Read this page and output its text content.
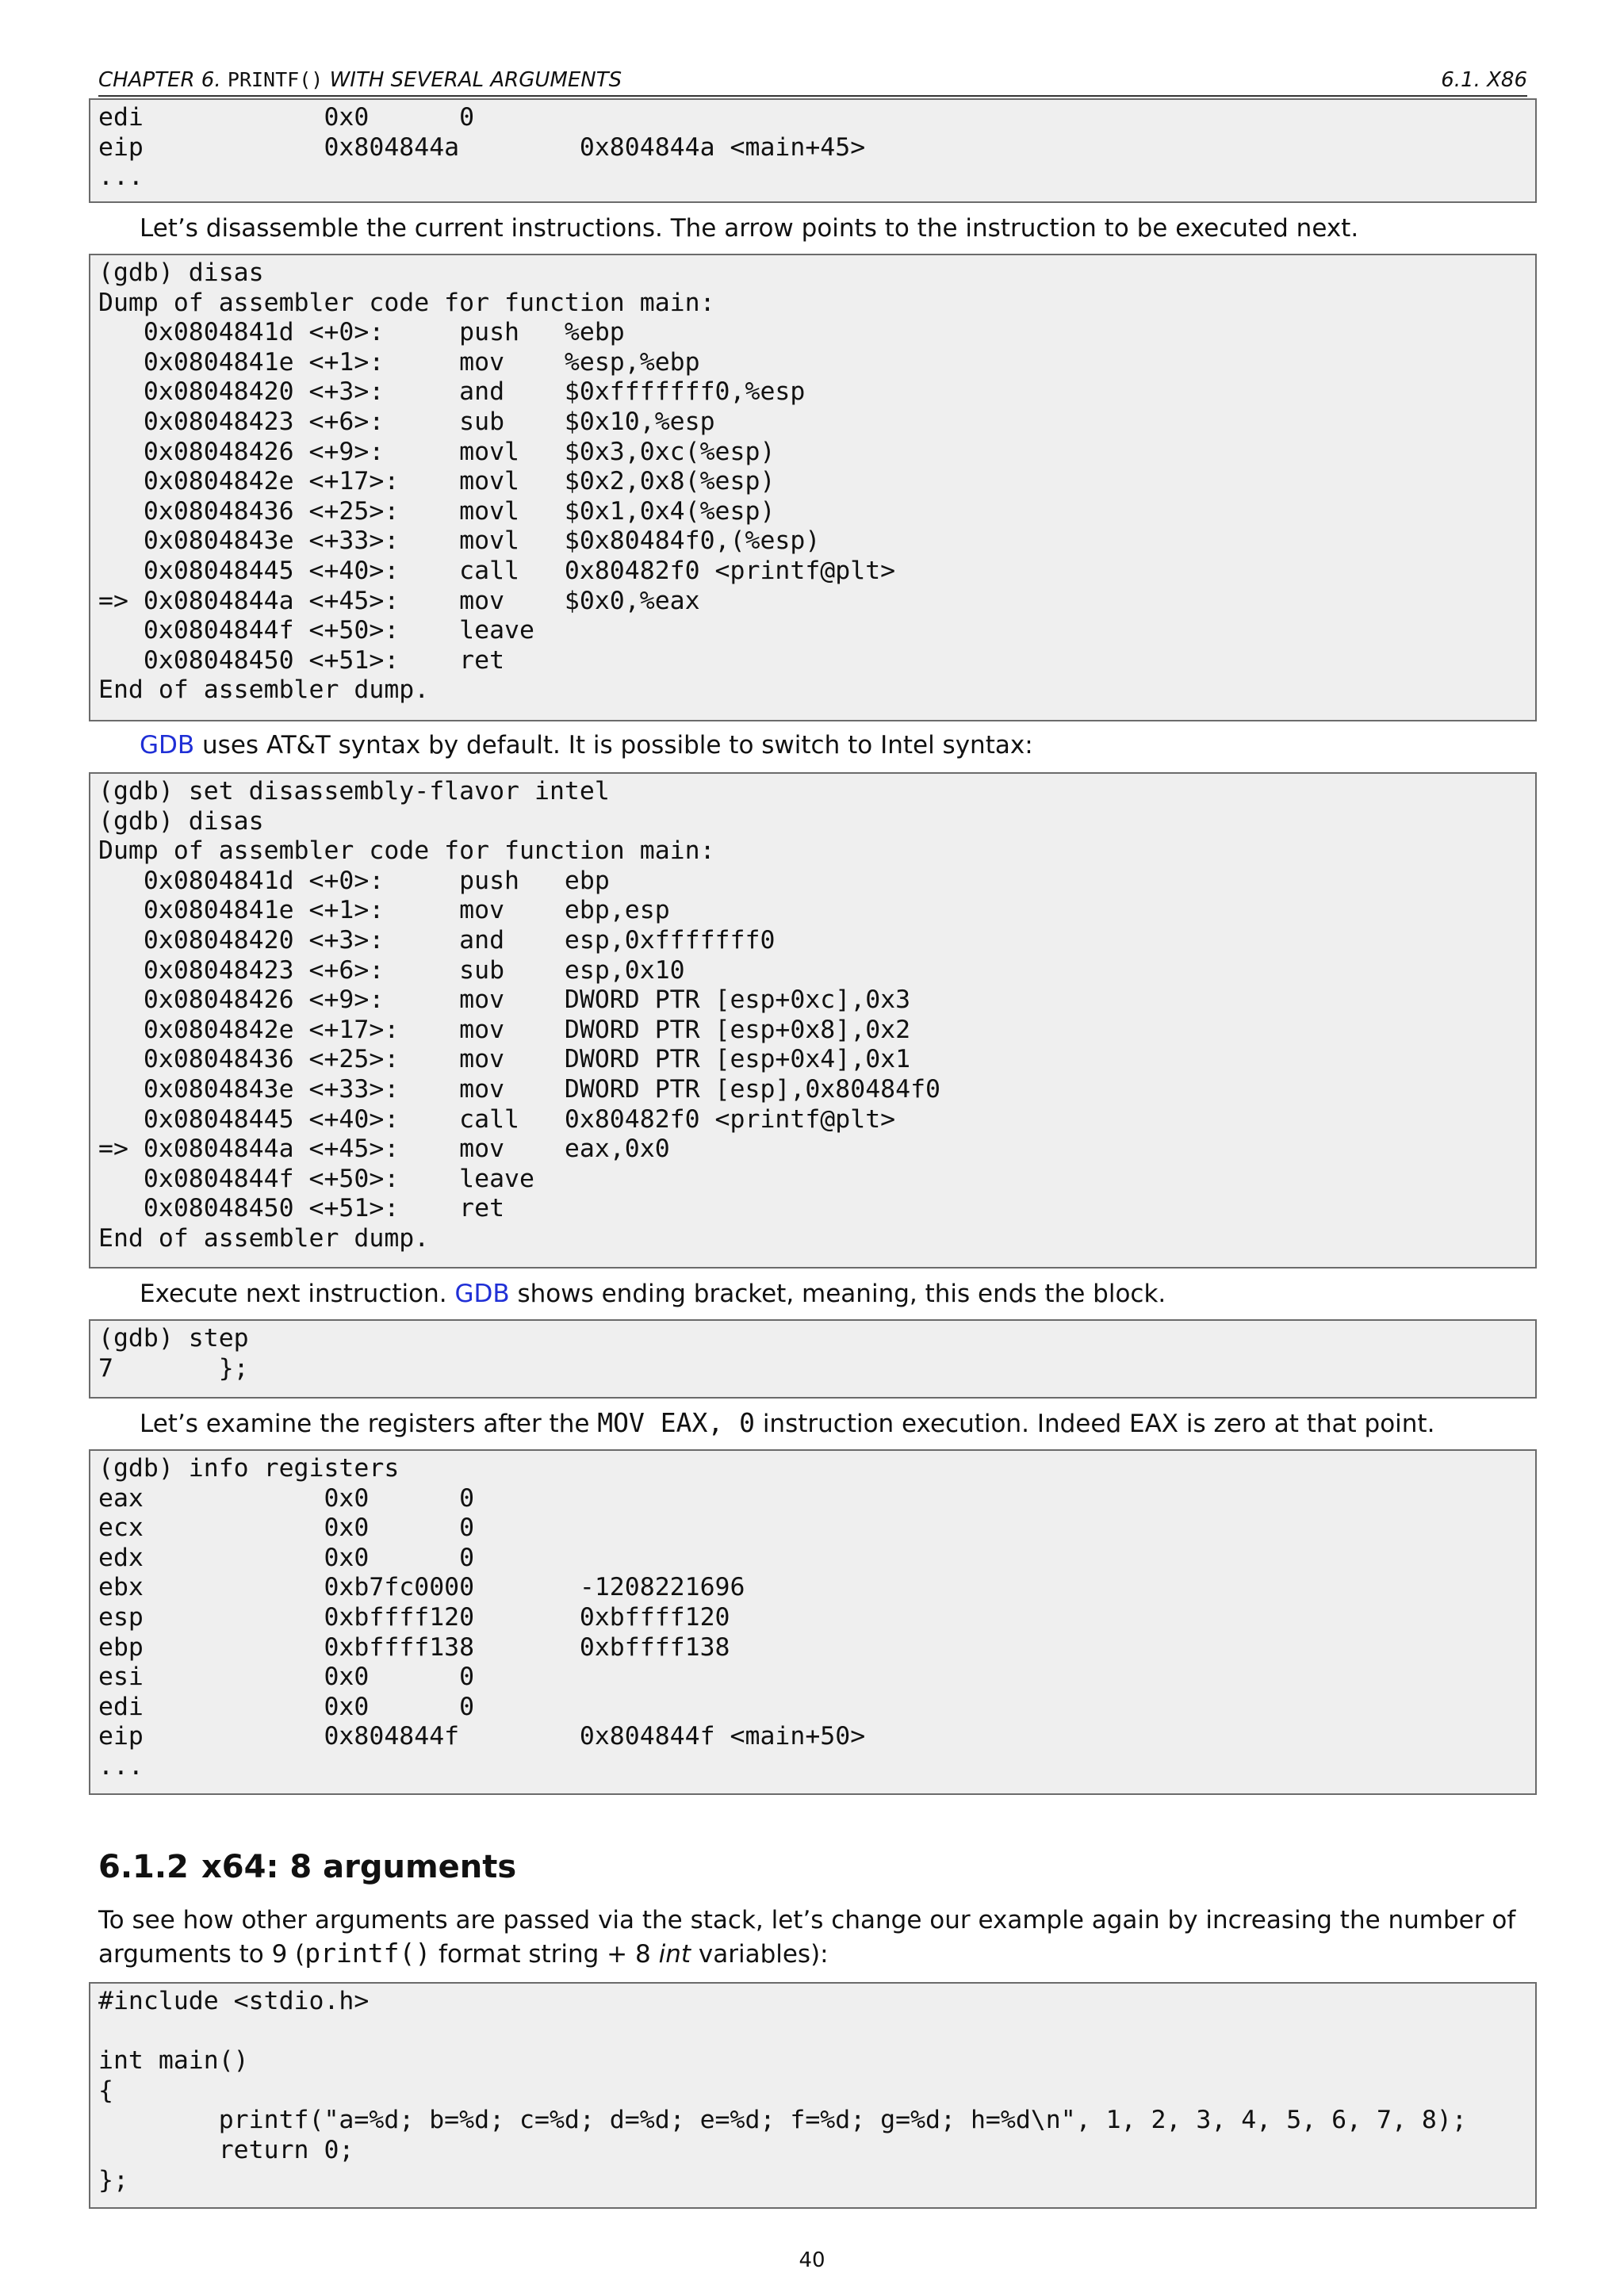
CHAPTER 6. PRINTF() WITH SEVERAL ARGUMENTS	6.1. X86
edi            0x0      0
eip            0x804844a        0x804844a <main+45>
...
Let’s disassemble the current instructions. The arrow points to the instruction to be executed next.
(gdb) disas
Dump of assembler code for function main:
0x0804841d <+0>:     push   %ebp
0x0804841e <+1>:     mov    %esp,%ebp
0x08048420 <+3>:     and    $0xfffffff0,%esp
0x08048423 <+6>:     sub    $0x10,%esp
0x08048426 <+9>:     movl   $0x3,0xc(%esp)
0x0804842e <+17>:    movl   $0x2,0x8(%esp)
0x08048436 <+25>:    movl   $0x1,0x4(%esp)
0x0804843e <+33>:    movl   $0x80484f0,(%esp)
0x08048445 <+40>:    call   0x80482f0 <printf@plt>
=> 0x0804844a <+45>:    mov    $0x0,%eax
0x0804844f <+50>:    leave
0x08048450 <+51>:    ret
End of assembler dump.
GDB uses AT&T syntax by default. It is possible to switch to Intel syntax:
(gdb) set disassembly-flavor intel
(gdb) disas
Dump of assembler code for function main:
0x0804841d <+0>:     push   ebp
0x0804841e <+1>:     mov    ebp,esp
0x08048420 <+3>:     and    esp,0xfffffff0
0x08048423 <+6>:     sub    esp,0x10
0x08048426 <+9>:     mov    DWORD PTR [esp+0xc],0x3
0x0804842e <+17>:    mov    DWORD PTR [esp+0x8],0x2
0x08048436 <+25>:    mov    DWORD PTR [esp+0x4],0x1
0x0804843e <+33>:    mov    DWORD PTR [esp],0x80484f0
0x08048445 <+40>:    call   0x80482f0 <printf@plt>
=> 0x0804844a <+45>:    mov    eax,0x0
0x0804844f <+50>:    leave
0x08048450 <+51>:    ret
End of assembler dump.
Execute next instruction. GDB shows ending bracket, meaning, this ends the block.
(gdb) step
7       };
Let’s examine the registers after the MOV EAX, 0 instruction execution. Indeed EAX is zero at that point.
(gdb) info registers
eax            0x0      0
ecx            0x0      0
edx            0x0      0
ebx            0xb7fc0000       -1208221696
esp            0xbffff120       0xbffff120
ebp            0xbffff138       0xbffff138
esi            0x0      0
edi            0x0      0
eip            0x804844f        0x804844f <main+50>
...
6.1.2 x64: 8 arguments
To see how other arguments are passed via the stack, let’s change our example again by increasing the number of arguments to 9 (printf() format string + 8 int variables):
#include <stdio.h>

int main()
{
printf("a=%d; b=%d; c=%d; d=%d; e=%d; f=%d; g=%d; h=%d\n", 1, 2, 3, 4, 5, 6, 7, 8);
return 0;
};
40
